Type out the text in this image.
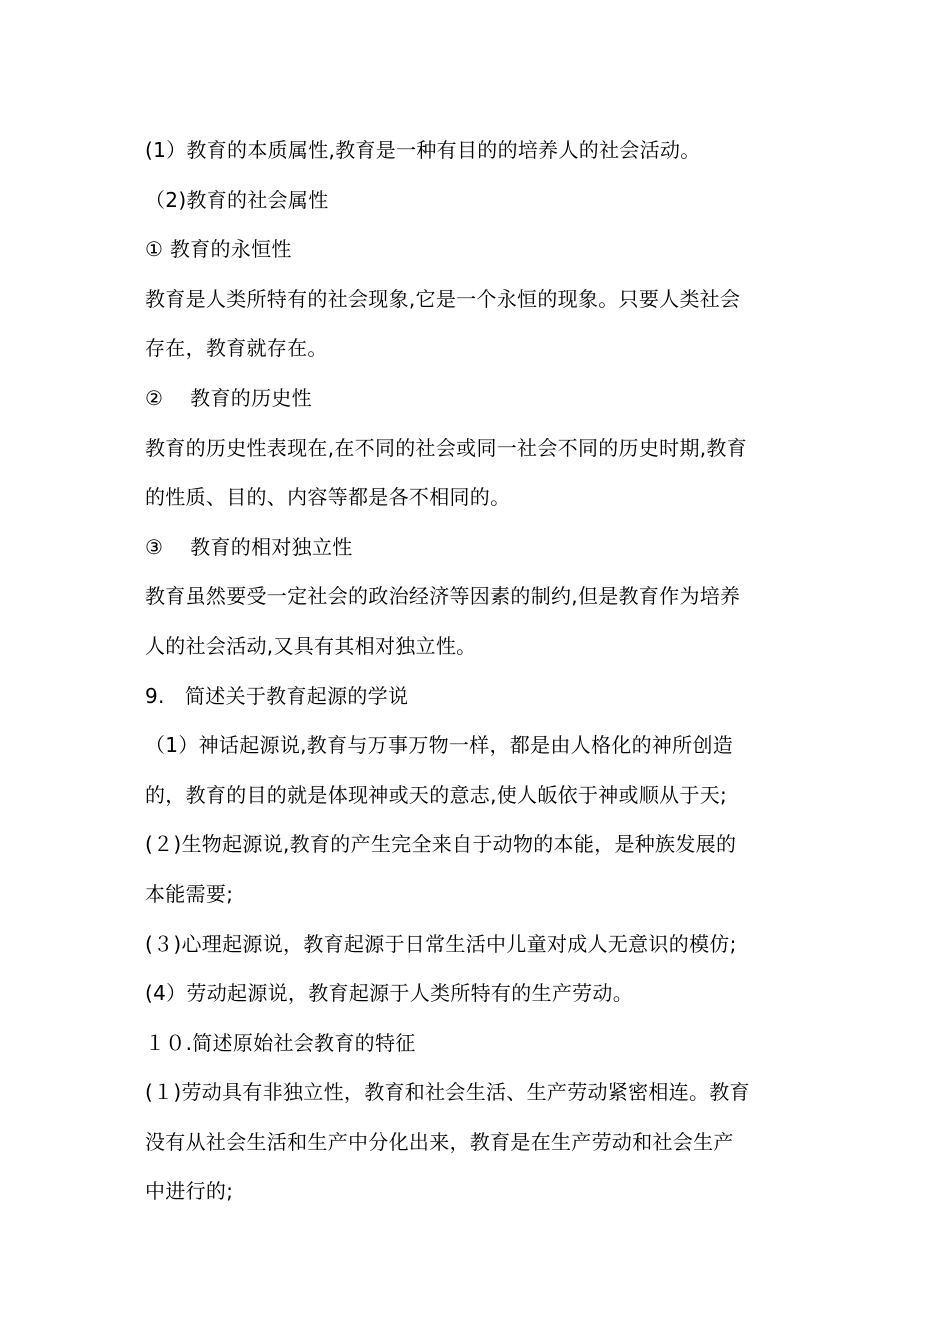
(1）教育的本质属性,教育是一种有目的的培养人的社会活动。
（2)教育的社会属性
① 教育的永恒性
教育是人类所特有的社会现象,它是一个永恒的现象。只要人类社会
存在，教育就存在。
②　 教育的历史性
教育的历史性表现在,在不同的社会或同一社会不同的历史时期,教育
的性质、目的、内容等都是各不相同的。
③　 教育的相对独立性
教育虽然要受一定社会的政治经济等因素的制约,但是教育作为培养
人的社会活动,又具有其相对独立性。
9.　简述关于教育起源的学说
（1）神话起源说,教育与万事万物一样，都是由人格化的神所创造
的，教育的目的就是体现神或天的意志,使人皈依于神或顺从于天;
(２)生物起源说,教育的产生完全来自于动物的本能，是种族发展的
本能需要;
(３)心理起源说，教育起源于日常生活中儿童对成人无意识的模仿;
(4）劳动起源说，教育起源于人类所特有的生产劳动。
１０.简述原始社会教育的特征
(１)劳动具有非独立性，教育和社会生活、生产劳动紧密相连。教育
没有从社会生活和生产中分化出来，教育是在生产劳动和社会生产
中进行的;
